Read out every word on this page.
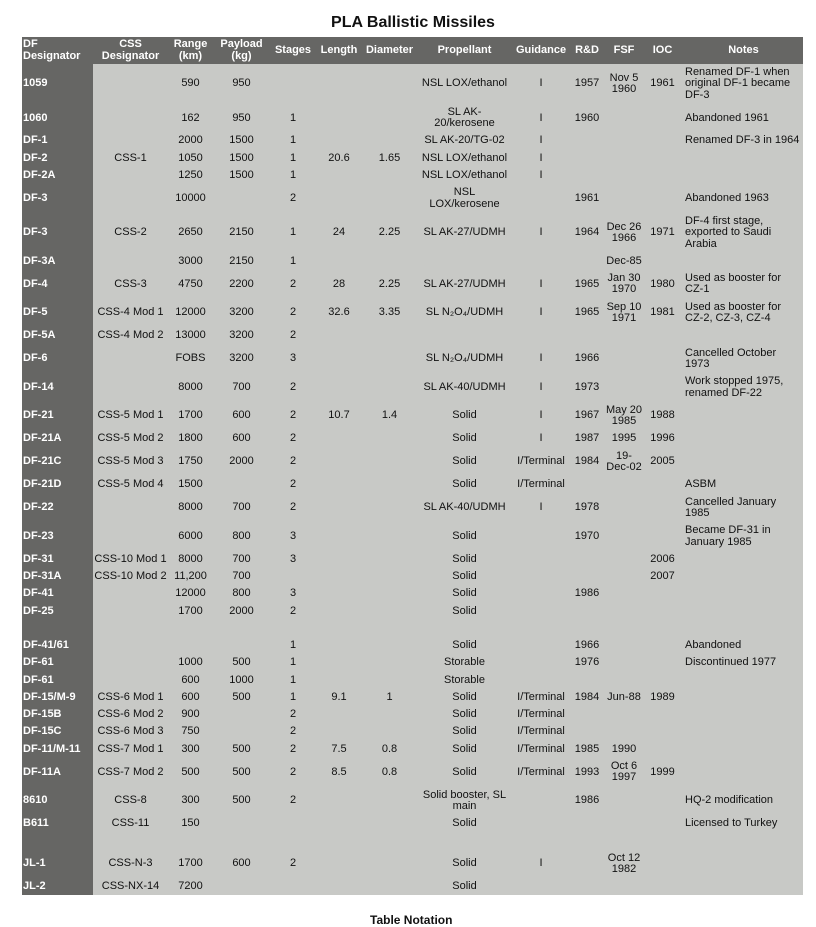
PLA Ballistic Missiles
DF Designator	CSS Designator	Range (km)	Payload (kg)	Stages	Length	Diameter	Propellant	Guidance	R&D	FSF	IOC	Notes
1059		590	950				NSL LOX/ethanol	I	1957	Nov 5 1960	1961	Renamed DF-1 when original DF-1 became DF-3
1060		162	950	1			SL AK-20/kerosene	I	1960			Abandoned 1961
DF-1		2000	1500	1			SL AK-20/TG-02	I				Renamed DF-3 in 1964
DF-2	CSS-1	1050	1500	1	20.6	1.65	NSL LOX/ethanol	I				
DF-2A		1250	1500	1			NSL LOX/ethanol	I				
DF-3		10000		2			NSL LOX/kerosene		1961			Abandoned 1963
DF-3	CSS-2	2650	2150	1	24	2.25	SL AK-27/UDMH	I	1964	Dec 26 1966	1971	DF-4 first stage, exported to Saudi Arabia
DF-3A		3000	2150	1						Dec-85		
DF-4	CSS-3	4750	2200	2	28	2.25	SL AK-27/UDMH	I	1965	Jan 30 1970	1980	Used as booster for CZ-1
DF-5	CSS-4 Mod 1	12000	3200	2	32.6	3.35	SL N₂O₄/UDMH	I	1965	Sep 10 1971	1981	Used as booster for CZ-2, CZ-3, CZ-4
DF-5A	CSS-4 Mod 2	13000	3200	2								
DF-6		FOBS	3200	3			SL N₂O₄/UDMH	I	1966			Cancelled October 1973
DF-14		8000	700	2			SL AK-40/UDMH	I	1973			Work stopped 1975, renamed DF-22
DF-21	CSS-5 Mod 1	1700	600	2	10.7	1.4	Solid	I	1967	May 20 1985	1988	
DF-21A	CSS-5 Mod 2	1800	600	2			Solid	I	1987	1995	1996	
DF-21C	CSS-5 Mod 3	1750	2000	2			Solid	I/Terminal	1984	19-Dec-02	2005	
DF-21D	CSS-5 Mod 4	1500		2			Solid	I/Terminal				ASBM
DF-22		8000	700	2			SL AK-40/UDMH	I	1978			Cancelled January 1985
DF-23		6000	800	3			Solid		1970			Became DF-31 in January 1985
DF-31	CSS-10 Mod 1	8000	700	3			Solid				2006	
DF-31A	CSS-10 Mod 2	11,200	700				Solid				2007	
DF-41		12000	800	3			Solid		1986			
DF-25		1700	2000	2			Solid					

DF-41/61				1			Solid		1966			Abandoned
DF-61		1000	500	1			Storable		1976			Discontinued 1977
DF-61		600	1000	1			Storable					
DF-15/M-9	CSS-6 Mod 1	600	500	1	9.1	1	Solid	I/Terminal	1984	Jun-88	1989	
DF-15B	CSS-6 Mod 2	900		2			Solid	I/Terminal				
DF-15C	CSS-6 Mod 3	750		2			Solid	I/Terminal				
DF-11/M-11	CSS-7 Mod 1	300	500	2	7.5	0.8	Solid	I/Terminal	1985	1990		
DF-11A	CSS-7 Mod 2	500	500	2	8.5	0.8	Solid	I/Terminal	1993	Oct 6 1997	1999	
8610	CSS-8	300	500	2			Solid booster, SL main		1986			HQ-2 modification
B611	CSS-11	150					Solid					Licensed to Turkey

JL-1	CSS-N-3	1700	600	2			Solid	I		Oct 12 1982		
JL-2	CSS-NX-14	7200					Solid					
Table Notation
